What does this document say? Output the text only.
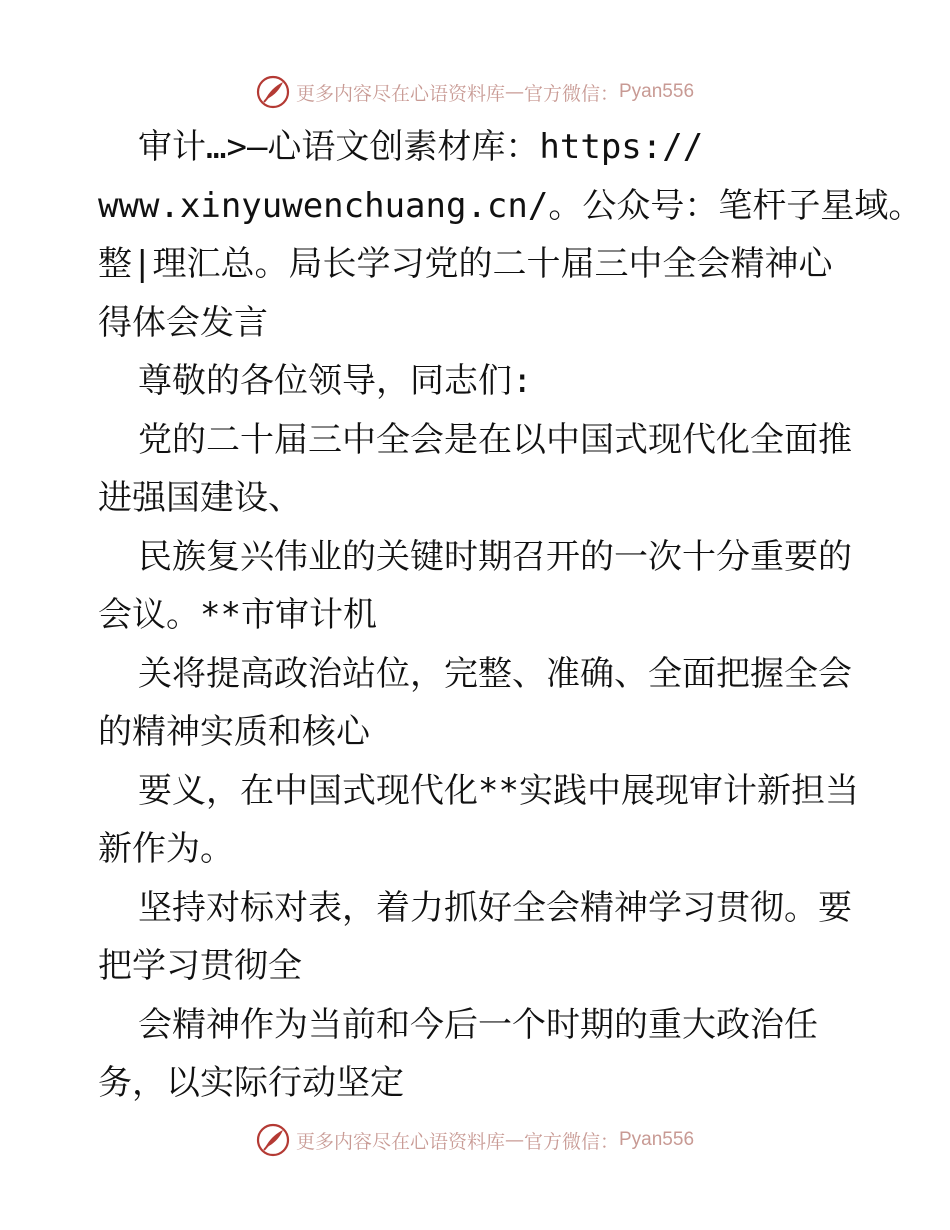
更多内容尽在心语资料库 — 官方微信： Pyan556
审计…>—心语文创素材库：https://
www.xinyuwenchuang.cn/。公众号：笔杆子星域。
整|理汇总。局长学习党的二十届三中全会精神心
得体会发言
尊敬的各位领导，同志们:
党的二十届三中全会是在以中国式现代化全面推
进强国建设、
民族复兴伟业的关键时期召开的一次十分重要的
会议。**市审计机
关将提高政治站位，完整、准确、全面把握全会
的精神实质和核心
要义，在中国式现代化**实践中展现审计新担当
新作为。
坚持对标对表，着力抓好全会精神学习贯彻。要
把学习贯彻全
会精神作为当前和今后一个时期的重大政治任
务，以实际行动坚定
更多内容尽在心语资料库 — 官方微信： Pyan556
